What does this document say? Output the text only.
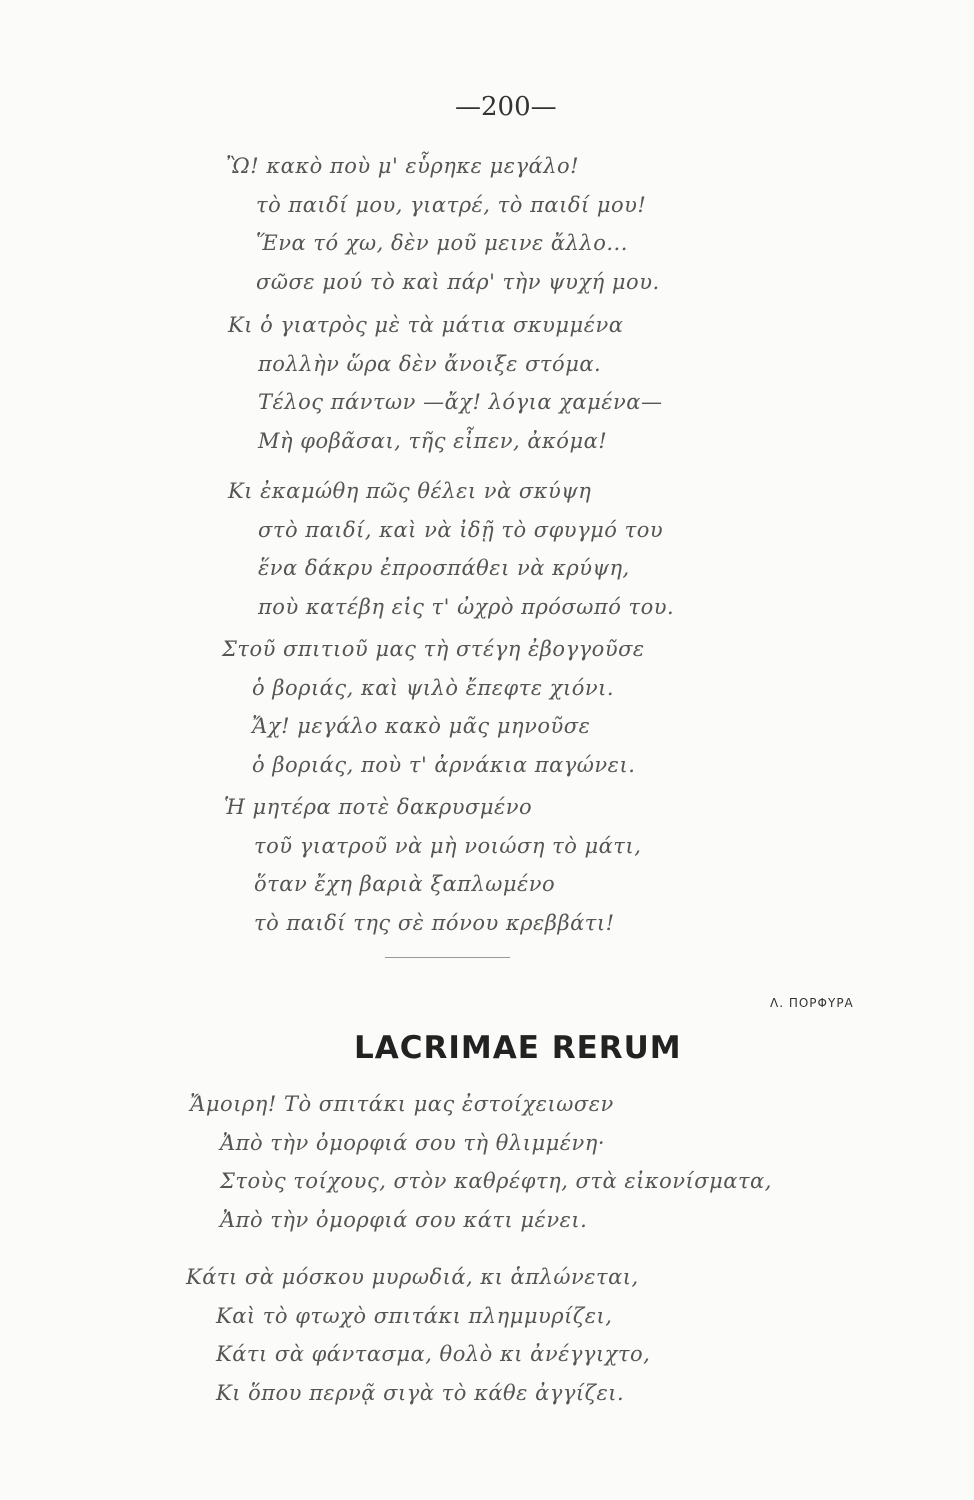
—200—
Ὢ! κακὸ ποὺ μ' εὗρηκε μεγάλο!
τὸ παιδί μου, γιατρέ, τὸ παιδί μου!
Ἕνα τό χω, δὲν μοῦ μεινε ἄλλο...
σῶσε μού τὸ καὶ πάρ' τὴν ψυχή μου.
Κι ὁ γιατρὸς μὲ τὰ μάτια σκυμμένα
πολλὴν ὥρα δὲν ἄνοιξε στόμα.
Τέλος πάντων —ἄχ! λόγια χαμένα—
Μὴ φοβᾶσαι, τῆς εἶπεν, ἀκόμα!
Κι ἐκαμώθη πῶς θέλει νὰ σκύψη
στὸ παιδί, καὶ νὰ ἰδῇ τὸ σφυγμό του
ἕνα δάκρυ ἐπροσπάθει νὰ κρύψη,
ποὺ κατέβη εἰς τ' ὠχρὸ πρόσωπό του.
Στοῦ σπιτιοῦ μας τὴ στέγη ἐβογγοῦσε
ὁ βοριάς, καὶ ψιλὸ ἔπεφτε χιόνι.
Ἄχ! μεγάλο κακὸ μᾶς μηνοῦσε
ὁ βοριάς, ποὺ τ' ἀρνάκια παγώνει.
Ἡ μητέρα ποτὲ δακρυσμένο
τοῦ γιατροῦ νὰ μὴ νοιώση τὸ μάτι,
ὅταν ἔχη βαριὰ ξαπλωμένο
τὸ παιδί της σὲ πόνου κρεββάτι!
Λ. ΠΟΡΦΥΡΑ
LACRIMAE RERUM
Ἄμοιρη! Τὸ σπιτάκι μας ἐστοίχειωσεν
Ἀπὸ τὴν ὀμορφιά σου τὴ θλιμμένη·
Στοὺς τοίχους, στὸν καθρέφτη, στὰ εἰκονίσματα,
Ἀπὸ τὴν ὀμορφιά σου κάτι μένει.
Κάτι σὰ μόσκου μυρωδιά, κι ἁπλώνεται,
Καὶ τὸ φτωχὸ σπιτάκι πλημμυρίζει,
Κάτι σὰ φάντασμα, θολὸ κι ἀνέγγιχτο,
Κι ὅπου περνᾷ σιγὰ τὸ κάθε ἀγγίζει.
